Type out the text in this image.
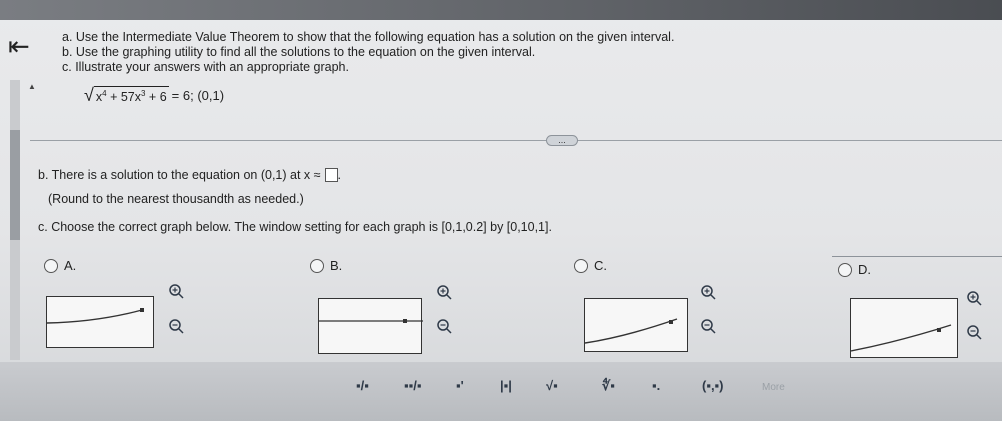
⇤
▲
a. Use the Intermediate Value Theorem to show that the following equation has a solution on the given interval.
b. Use the graphing utility to find all the solutions to the equation on the given interval.
c. Illustrate your answers with an appropriate graph.
√ $x^4 + 57x^3 + 6 = 6$; (0,1)
...
b. There is a solution to the equation on (0,1) at x ≈ .
(Round to the nearest thousandth as needed.)
c. Choose the correct graph below. The window setting for each graph is [0,1,0.2] by [0,10,1].
A.	B.	C.	D.
▪/▪	▪▪/▪	▪'	|▪|	√▪	∜▪	▪.	(▪,▪)	More
